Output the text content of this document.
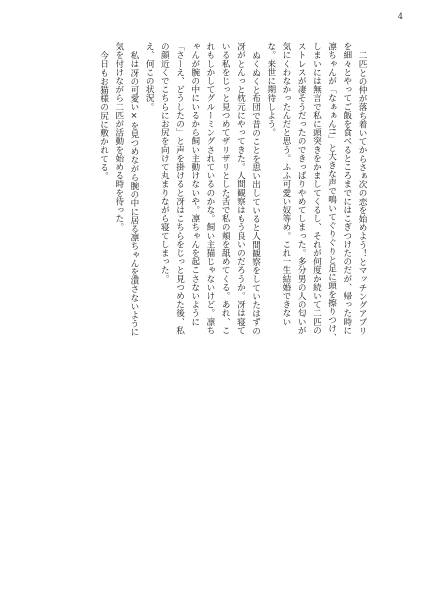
4

二匹との仲が落ち着いてからさぁ次の恋を始めよう！とマッチングアプリを細々とやってご飯を食べるところまでにはこぎつけたのだが、帰った時に凛ちゃんが「なぁぁん!!」と大きな声で鳴いてぐりぐりと足に頭を擦りつけ、しまいには無言で私に頭突きをかましてくるし、それが何度か続いて二匹のストレスが凄そうだったのできっぱりやめてしまった。多分男の人の匂いが気にくわなかったんだと思う。ふふ可愛い奴等め。これ一生結婚できないな。来世に期待しよう。

ぬくぬくと布団で昔のことを思い出していると人間観察をしていたはずの冴がとんっと枕元にやってきた。人間観察はもう良いのだろうか。冴は寝ている私をじっと見つめてザリザリとした舌で私の頬を舐めてくる。あれ、これもしかしてグルーミングされているのかな。飼い主猫じゃないけど。凛ちゃんが腕の中にいるから飼い主動けないや。凛ちゃんを起こさないように「さーえ、どうしたの」と声を掛けると冴はこちらをじっと見つめた後、私の顔近くでこちらにお尻を向けて丸まりながら寝てしまった。

え、何この状況。

私は冴の可愛い×を見つめながら腕の中に居る凛ちゃんを潰さないように気を付けながら二匹が活動を始める時を待った。

今日もお猫様の尻に敷かれてる。
